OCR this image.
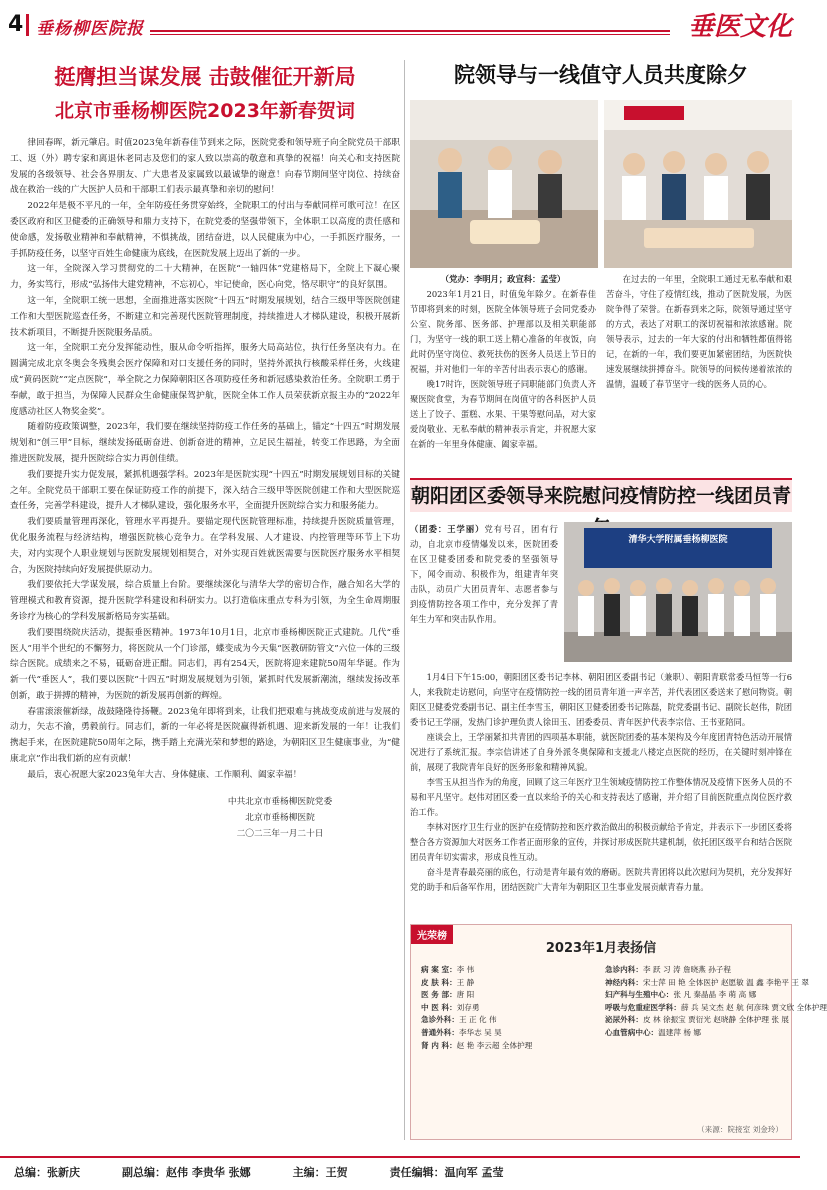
4 垂杨柳医院报	垂医文化
挺膺担当谋发展 击鼓催征开新局
北京市垂杨柳医院2023年新春贺词

律回春晖，新元肇启。时值2023兔年新春佳节到来之际，医院党委和领导班子向全院党员干部职工、返（外）聘专家和离退休老同志及您们的家人致以崇高的敬意和真挚的祝福！向关心和支持医院发展的各级领导、社会各界朋友、广大患者及家属致以最诚挚的谢意！向春节期间坚守岗位、持续奋战在救治一线的广大医护人员和干部职工们表示最真挚和亲切的慰问！

2022年是极不平凡的一年，全年防疫任务贯穿始终，全院职工的付出与奉献同样可歌可泣！在区委区政府和区卫健委的正确领导和鼎力支持下，在院党委的坚强带领下，全体职工以高度的责任感和使命感，发扬敬业精神和奉献精神，不惧挑战，团结奋进，以人民健康为中心，一手抓医疗服务，一手抓防疫任务，以坚守百姓生命健康为底线，在医院发展上迈出了新的一步。

这一年，全院深入学习贯彻党的二十大精神，在医院“一轴四体”党建格局下，全院上下凝心聚力，务实笃行，形成“弘扬伟大建党精神，不忘初心，牢记使命，医心向党，恪尽职守”的良好氛围。

这一年，全院职工统一思想，全面推进落实医院“十四五”时期发展规划，结合三级甲等医院创建工作和大型医院巡查任务，不断建立和完善现代医院管理制度，持续推进人才梯队建设，积极开展新技术新项目，不断提升医院服务品质。

这一年，全院职工充分发挥能动性，服从命令听指挥，服务大局高站位，执行任务坚决有力。在圆满完成北京冬奥会冬残奥会医疗保障和对口支援任务的同时，坚持外派执行核酸采样任务，火线建成“黄码医院”“定点医院”，举全院之力保障朝阳区各项防疫任务和新冠感染救治任务。全院职工勇于奉献，敢于担当，为保障人民群众生命健康保驾护航，医院全体工作人员荣获新京报主办的“2022年度感动社区人物奖金奖”。

随着防疫政策调整，2023年，我们要在继续坚持防疫工作任务的基础上，锚定“十四五”时期发展规划和“创三甲”目标，继续发扬砥砺奋进、创新奋进的精神，立足民生福祉，转变工作思路，为全面推进医院发展，提升医院综合实力再创佳绩。

我们要提升实力促发展，紧抓机遇强学科。2023年是医院实现“十四五”时期发展规划目标的关键之年。全院党员干部职工要在保证防疫工作的前提下，深入结合三级甲等医院创建工作和大型医院巡查任务，完善学科建设，提升人才梯队建设，强化服务水平，全面提升医院综合实力和服务能力。

我们要质量管理再深化，管理水平再提升。要锚定现代医院管理标准，持续提升医院质量管理，优化服务流程与经济结构，增强医院核心竞争力。在学科发展、人才建设、内控管理等环节上下功夫，对内实现个人职业规划与医院发展规划相契合，对外实现百姓就医需要与医院医疗服务水平相契合，为医院持续向好发展提供原动力。

我们要依托大学谋发展，综合质量上台阶。要继续深化与清华大学的密切合作，融合知名大学的管理模式和教育资源，提升医院学科建设和科研实力。以打造临床重点专科为引领，为全生命周期服务诊疗为核心的学科发展新格局夯实基础。

我们要围绕院庆活动，提振垂医精神。1973年10月1日，北京市垂杨柳医院正式建院。几代“垂医人”用半个世纪的不懈努力，将医院从一个门诊部，蝶变成为今天集“医教研防管文”六位一体的三级综合医院。成绩来之不易，砥砺奋进正酣。同志们，再有254天，医院将迎来建院50周年华诞。作为新一代“垂医人”，我们要以医院“十四五”时期发展规划为引领，紧抓时代发展新潮流，继续发扬改革创新，敢于拼搏的精神，为医院的新发展再创新的辉煌。

春雷滚滚催新绿，战鼓隆隆待扬鞭。2023兔年即将到来，让我们把艰难与挑战变成前进与发展的动力，矢志不渝，勇毅前行。同志们，新的一年必将是医院赢得新机遇、迎来新发展的一年！让我们携起手来，在医院建院50周年之际，携手踏上充满光荣和梦想的路途，为朝阳区卫生健康事业，为“健康北京”作出我们新的应有贡献！

最后，衷心祝愿大家2023兔年大吉、身体健康、工作顺利、阖家幸福！

中共北京市垂杨柳医院党委
北京市垂杨柳医院
二〇二三年一月二十日
院领导与一线值守人员共度除夕

（党办：李明月；政宣科：孟莹）

2023年1月21日，时值兔年除夕。在新春佳节即将到来的时刻，医院全体领导班子会同党委办公室、院务部、医务部、护理部以及相关职能部门，为坚守一线的职工送上精心准备的年夜饭，向此时仍坚守岗位、救死扶伤的医务人员送上节日的祝福，并对他们一年的辛苦付出表示衷心的感谢。

晚17时许，医院领导班子同职能部门负责人齐聚医院食堂，为春节期间在岗值守的各科医护人员送上了饺子、蛋糕、水果、干果等慰问品，对大家爱岗敬业、无私奉献的精神表示肯定，并祝愿大家在新的一年里身体健康、阖家幸福。

在过去的一年里，全院职工通过无私奉献和艰苦奋斗，守住了疫情红线，推动了医院发展，为医院争得了荣誉。在新春到来之际，院领导通过坚守的方式，表达了对职工的深切祝福和浓浓感谢。院领导表示，过去的一年大家的付出和牺牲都值得铭记，在新的一年，我们要更加紧密团结，为医院快速发展继续拼搏奋斗。院领导的问候传递着浓浓的温情，温暖了春节坚守一线的医务人员的心。

朝阳团区委领导来院慰问疫情防控一线团员青

（团委：王学丽）党有号召，团有行动，自北京市疫情爆发以来，医院团委在区卫健委团委和院党委的坚强领导下，闻令而动、积极作为，组建青年突击队，动员广大团员青年、志愿者参与到疫情防控各项工作中，充分发挥了青年生力军和突击队作用。

清华大学附属垂杨柳医院

1月4日下午15:00，朝阳团区委书记李林、朝阳团区委副书记（兼职）、朝阳青联常委马恒等一行6人，来我院走访慰问，向坚守在疫情防控一线的团员青年道一声辛苦，并代表团区委送来了慰问物资。朝阳区卫健委党委副书记、副主任李雪玉，朝阳区卫健委团委书记陈磊，院党委副书记、副院长赵伟，院团委书记王学丽，发热门诊护理负责人徐田玉、团委委员、青年医护代表李宗信、王书亚陪同。

座谈会上，王学丽紧扣共青团的四项基本职能，就医院团委的基本架构及今年度团青特色活动开展情况进行了系统汇报。李宗信讲述了自身外派冬奥保障和支援北八楼定点医院的经历，在关键时刻冲锋在前，展现了我院青年良好的医务形象和精神风貌。

李雪玉从担当作为的角度，回顾了这三年医疗卫生领域疫情防控工作整体情况及疫情下医务人员的不易和平凡坚守。赵伟对团区委一直以来给予的关心和支持表达了感谢，并介绍了目前医院重点岗位医疗救治工作。

李林对医疗卫生行业的医护在疫情防控和医疗救治做出的积极贡献给予肯定，并表示下一步团区委将整合各方资源加大对医务工作者正面形象的宣传，并探讨形成医院共建机制，依托团区级平台和结合医院团员青年切实需求，形成良性互动。

奋斗是青春最亮丽的底色，行动是青年最有效的磨砺。医院共青团将以此次慰问为契机，充分发挥好党的助手和后备军作用，团结医院广大青年为朝阳区卫生事业发展贡献青春力量。

光荣榜
2023年1月表扬信
病 案 室：李 伟
皮 肤 科：王 静
医 务 部：唐 阳
中 医 科：刘存勇
急诊外科：王 正 化 伟
普通外科：李华志 吴 昊
肾 内 科：赵 艳 李云超 全体护理
急诊内科：李 跃 习 涛 詹晓燕 孙子程
神经内科：宋士萍 田 艳 全体医护 赵愿敏 温 鑫 李艳平 王 翠
妇产科与生殖中心：张 凡 秦晶晶 李 萌 高 娜
呼吸与危重症医学科：薛 兵 吴文杰 赵 航 何彦珠 贾文欣 全体护理
泌尿外科：皮 林 徐振宝 贾衍光 赵晓静 全体护理 张 展
心血管病中心：温建萍 杨 娜
（来源：院接室 刘金玲）
总编：张新庆	副总编：赵伟 李贵华 张娜	主编：王贺	责任编辑：温向军 孟莹
